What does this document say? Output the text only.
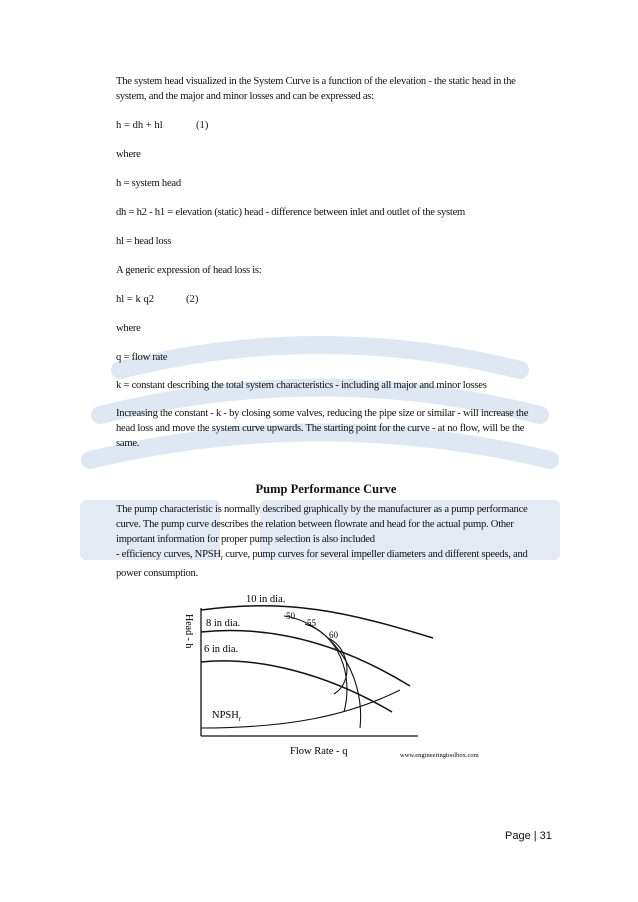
The system head visualized in the System Curve is a function of the elevation - the static head in the system, and the major and minor losses and can be expressed as:

h = dh + hl	(1)

where

h = system head

dh = h2 - h1 = elevation (static) head - difference between inlet and outlet of the system

hl = head loss

A generic expression of head loss is:

hl = k q2	(2)

where

q = flow rate

k = constant describing the total system characteristics - including all major and minor losses

Increasing the constant - k - by closing some valves, reducing the pipe size or similar - will increase the head loss and move the system curve upwards. The starting point for the curve - at no flow, will be the same.

Pump Performance Curve

The pump characteristic is normally described graphically by the manufacturer as a pump performance curve. The pump curve describes the relation between flowrate and head for the actual pump. Other important information for proper pump selection is also included

- efficiency curves, $NPSH_r$ curve, pump curves for several impeller diameters and different speeds, and power consumption.

10 in dia.
8 in dia.
6 in dia.
50
55
60
$NPSH_r$
Head - h
Flow Rate - q	www.engineeringtoolbox.com
Page | 31
